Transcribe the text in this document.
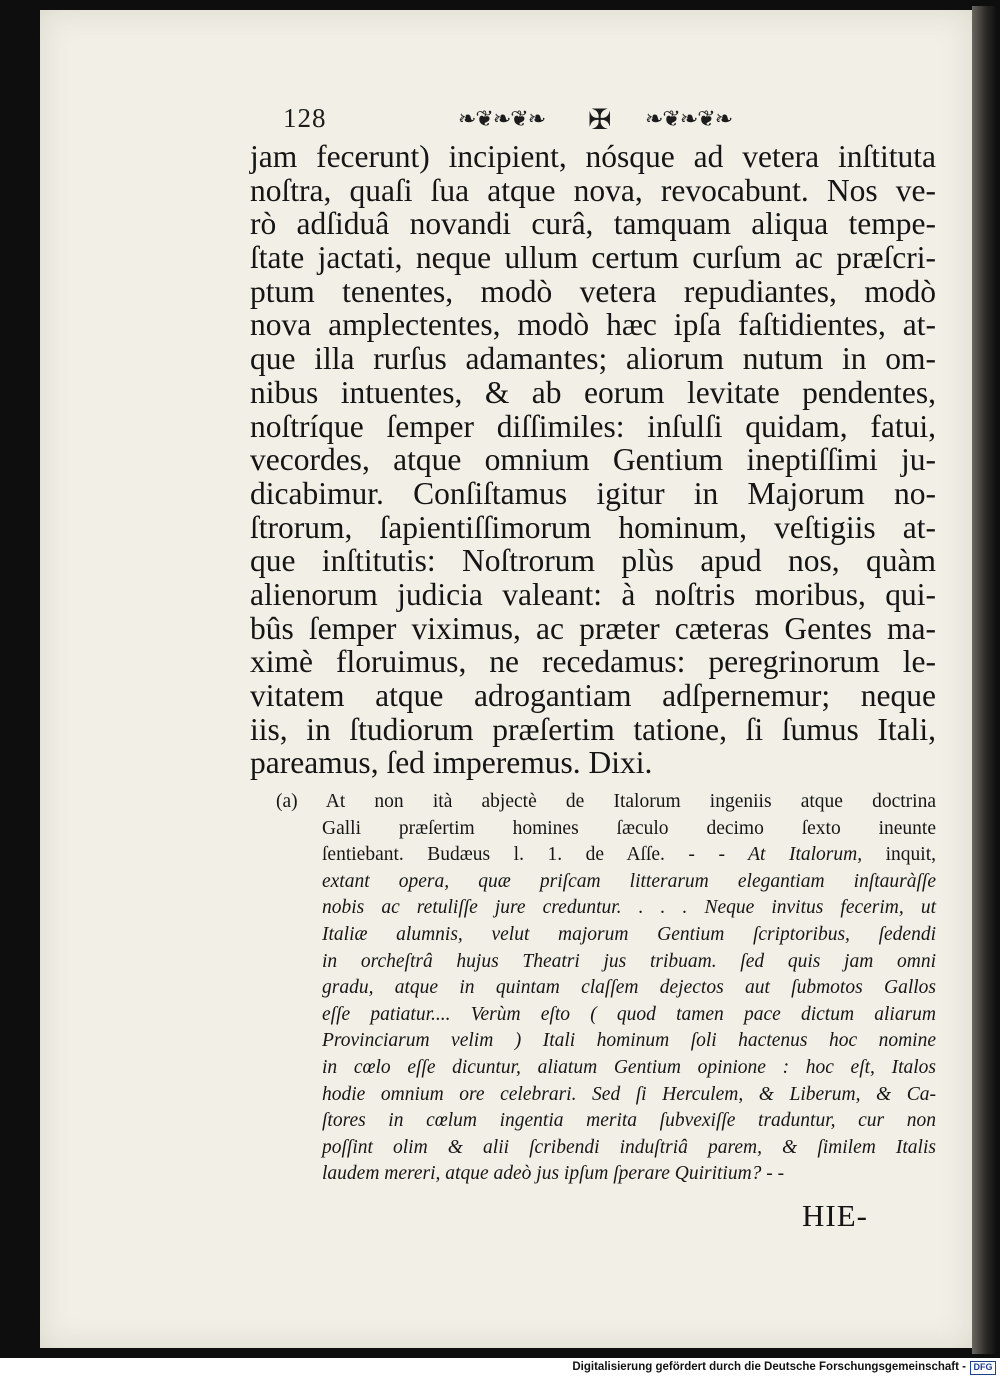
128	❧❦❧❦❧ ✠ ❧❦❧❦❧
jam fecerunt) incipient, nósque ad vetera inſtituta
noſtra, quaſi ſua atque nova, revocabunt. Nos ve-
rò adſiduâ novandi curâ, tamquam aliqua tempe-
ſtate jactati, neque ullum certum curſum ac præſcri-
ptum tenentes, modò vetera repudiantes, modò
nova amplectentes, modò hæc ipſa faſtidientes, at-
que illa rurſus adamantes; aliorum nutum in om-
nibus intuentes, & ab eorum levitate pendentes,
noſtríque ſemper diſſimiles: inſulſi quidam, fatui,
vecordes, atque omnium Gentium ineptiſſimi ju-
dicabimur. Conſiſtamus igitur in Majorum no-
ſtrorum, ſapientiſſimorum hominum, veſtigiis at-
que inſtitutis: Noſtrorum plùs apud nos, quàm
alienorum judicia valeant: à noſtris moribus, qui-
bûs ſemper viximus, ac præter cæteras Gentes ma-
ximè floruimus, ne recedamus: peregrinorum le-
vitatem atque adrogantiam adſpernemur; neque
iis, in ſtudiorum præſertim tatione, ſi ſumus Itali,
pareamus, ſed imperemus. Dixi.
(a) At non ità abjectè de Italorum ingeniis atque doctrina
Galli præſertim homines ſæculo decimo ſexto ineunte
ſentiebant. Budæus l. 1. de Aſſe. - - At Italorum, inquit,
extant opera, quæ priſcam litterarum elegantiam inſtauràſſe
nobis ac retuliſſe jure creduntur. . . . Neque invitus fecerim, ut
Italiæ alumnis, velut majorum Gentium ſcriptoribus, ſedendi
in orcheſtrâ hujus Theatri jus tribuam. ſed quis jam omni
gradu, atque in quintam claſſem dejectos aut ſubmotos Gallos
eſſe patiatur.... Verùm eſto ( quod tamen pace dictum aliarum
Provinciarum velim ) Itali hominum ſoli hactenus hoc nomine
in cœlo eſſe dicuntur, aliatum Gentium opinione : hoc eſt, Italos
hodie omnium ore celebrari. Sed ſi Herculem, & Liberum, & Ca-
ſtores in cœlum ingentia merita ſubvexiſſe traduntur, cur non
poſſint olim & alii ſcribendi induſtriâ parem, & ſimilem Italis
laudem mereri, atque adeò jus ipſum ſperare Quiritium? - -
HIE-
Digitalisierung gefördert durch die Deutsche Forschungsgemeinschaft - DFG
